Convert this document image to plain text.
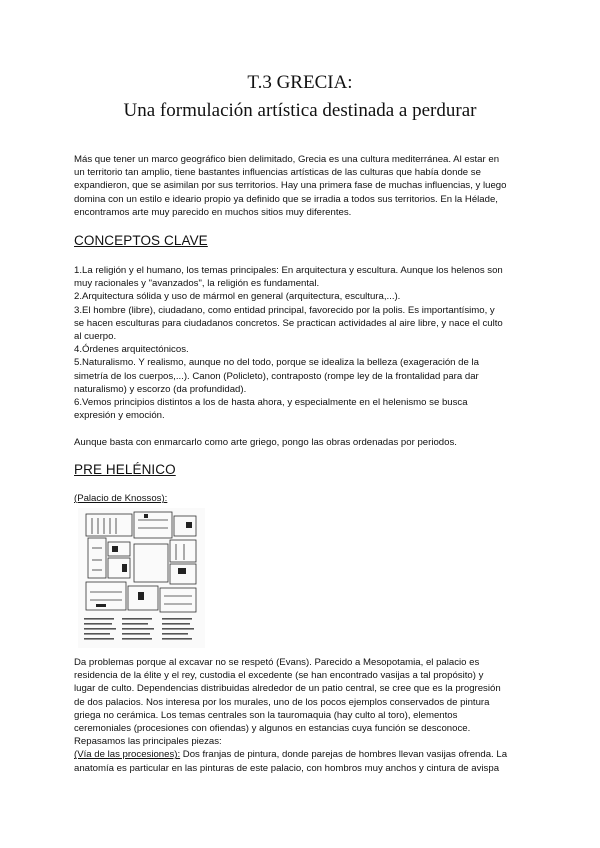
T.3 GRECIA:
Una formulación artística destinada a perdurar
Más que tener un marco geográfico bien delimitado, Grecia es una cultura mediterránea. Al estar en
un territorio tan amplio, tiene bastantes influencias artísticas de las culturas que había donde se
expandieron, que se asimilan por sus territorios. Hay una primera fase de muchas influencias, y luego
domina con un estilo e ideario propio ya definido que se irradia a todos sus territorios. En la Hélade,
encontramos arte muy parecido en muchos sitios muy diferentes.
CONCEPTOS CLAVE
1.La religión y el humano, los temas principales: En arquitectura y escultura. Aunque los helenos son
muy racionales y "avanzados", la religión es fundamental.
2.Arquitectura sólida y uso de mármol en general (arquitectura, escultura,...).
3.El hombre (libre), ciudadano, como entidad principal, favorecido por la polis. Es importantísimo, y
se hacen esculturas para ciudadanos concretos. Se practican actividades al aire libre, y nace el culto
al cuerpo.
4.Órdenes arquitectónicos.
5.Naturalismo. Y realismo, aunque no del todo, porque se idealiza la belleza (exageración de la
simetría de los cuerpos,...). Canon (Policleto), contraposto (rompe ley de la frontalidad para dar
naturalismo) y escorzo (da profundidad).
6.Vemos principios distintos a los de hasta ahora, y especialmente en el helenismo se busca
expresión y emoción.
Aunque basta con enmarcarlo como arte griego, pongo las obras ordenadas por periodos.
PRE HELÉNICO
(Palacio de Knossos):
Da problemas porque al excavar no se respetó (Evans). Parecido a Mesopotamia, el palacio es
residencia de la élite y el rey, custodia el excedente (se han encontrado vasijas a tal propósito) y
lugar de culto. Dependencias distribuidas alrededor de un patio central, se cree que es la progresión
de dos palacios. Nos interesa por los murales, uno de los pocos ejemplos conservados de pintura
griega no cerámica. Los temas centrales son la tauromaquia (hay culto al toro), elementos
ceremoniales (procesiones con ofiendas) y algunos en estancias cuya función se desconoce.
Repasamos las principales piezas:
(Vía de las procesiones): Dos franjas de pintura, donde parejas de hombres llevan vasijas ofrenda. La
anatomía es particular en las pinturas de este palacio, con hombros muy anchos y cintura de avispa
